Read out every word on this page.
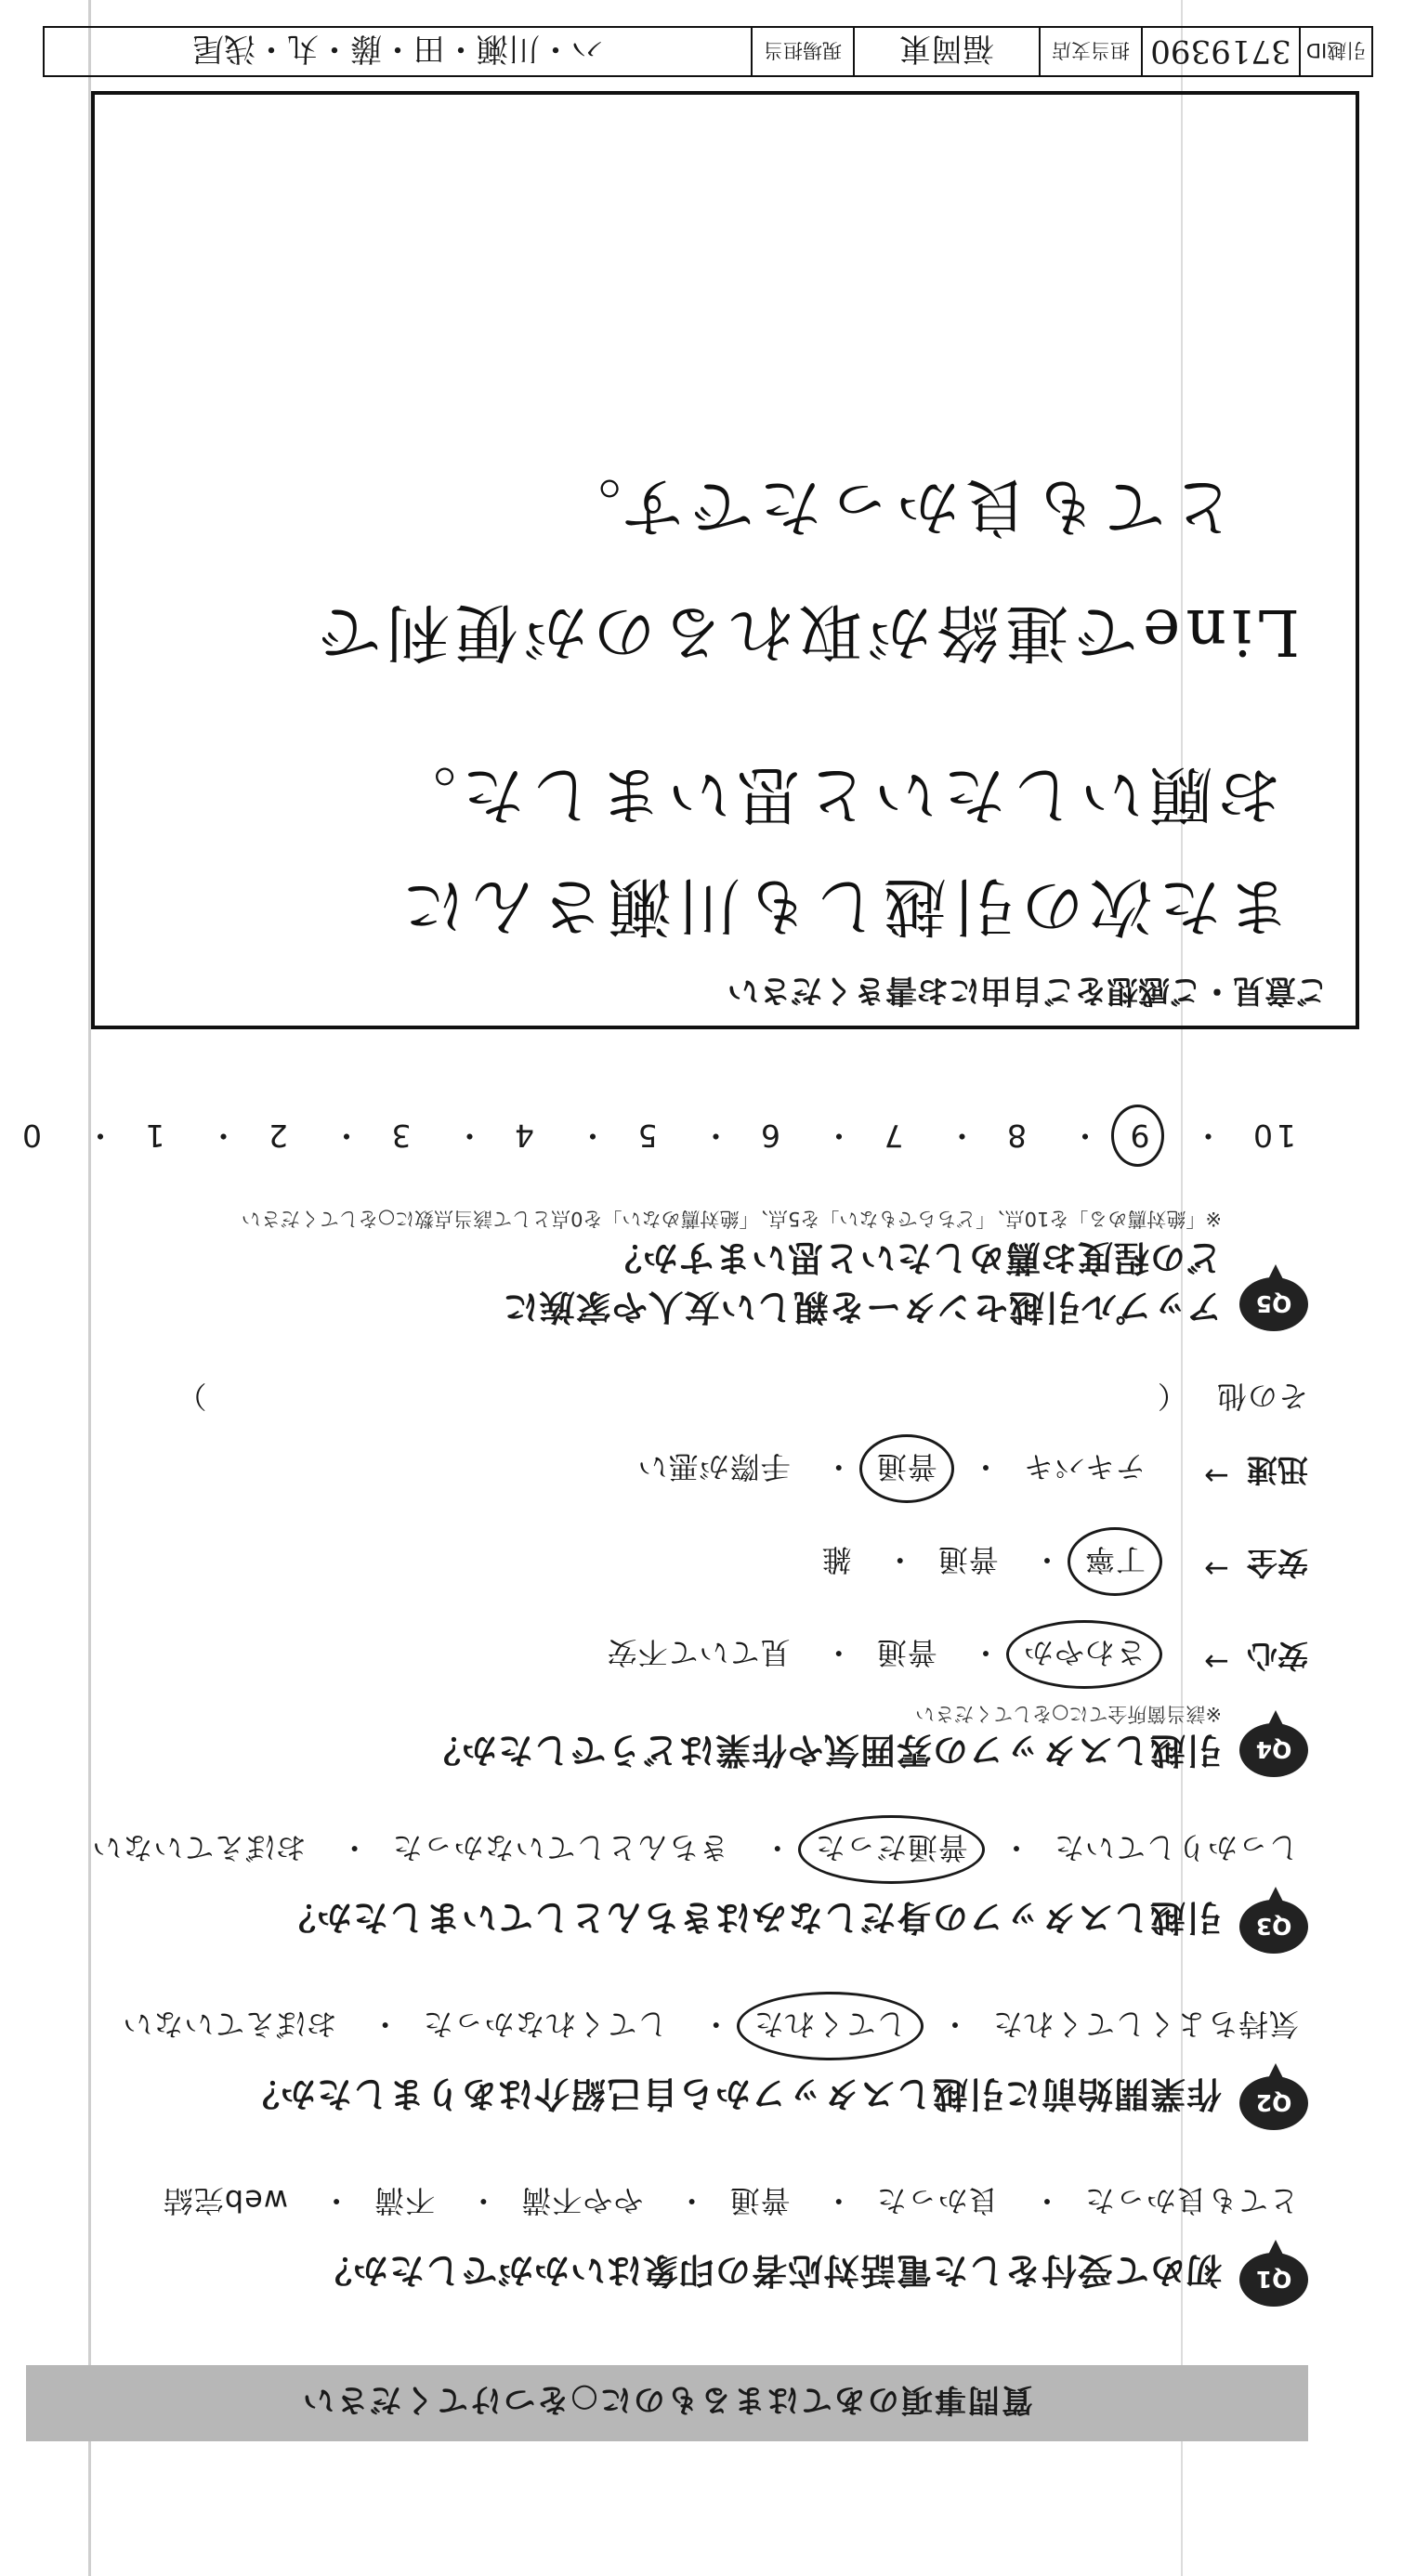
質問事項のあてはまるものに○をつけてください
Q1
初めて受付をした電話対応者の印象はいかがでしたか？
とても良かった・ 良かった・ 普通・ やや不満・ 不満・ web完結
Q2
作業開始前に引越しスタッフから自己紹介はありましたか？
気持ちよくしてくれた・ してくれた・ してくれなかった・ おぼえていない
Q3
引越しスタッフの身だしなみはきちんとしていましたか？
しっかりしていた・ 普通だった・ きちんとしていなかった・ おぼえていない
Q4
引越しスタッフの雰囲気や作業はどうでしたか？
※該当箇所全てに○をしてください
安心
→
さわやか・ 普通・ 見ていて不安
安全
→
丁寧・ 普通・ 雑
迅速
→
テキパキ・ 普通・ 手際が悪い
その他 （  ）
Q5
アップル引越センターを親しい友人や家族に
どの程度お薦めしたいと思いますか？
※「絶対薦める」を10点、「どちらでもない」を5点、「絶対薦めない」を0点として該当点数に○をしてください
10・ 9・ 8・ 7・ 6・ 5・ 4・ 3・ 2・ 1・ 0
ご意見・ご感想をご自由にお書きください
また次の引越しも川瀬さんに
お願いしたいと思いました。
Lineで連絡が取れるのが便利で
とても良かったです。
引越ID
3719390
担当支店
福岡東
現場担当
ハ・川瀬・田・藤・丸・浅尾
